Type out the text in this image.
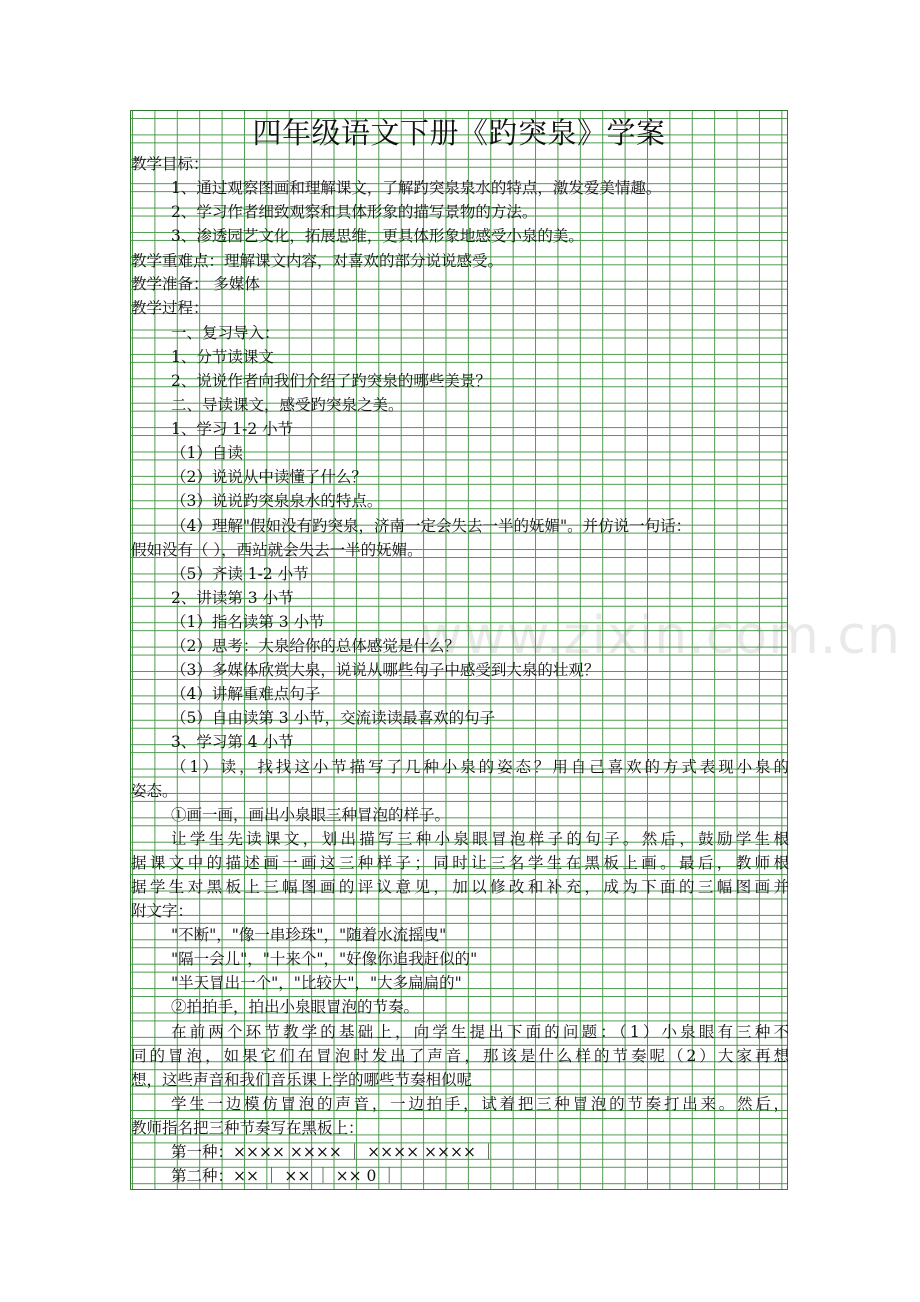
四年级语文下册《趵突泉》学案
教学目标：
1、通过观察图画和理解课文，了解趵突泉泉水的特点，激发爱美情趣。
2、学习作者细致观察和具体形象的描写景物的方法。
3、渗透园艺文化，拓展思维，更具体形象地感受小泉的美。
教学重难点：理解课文内容，对喜欢的部分说说感受。
教学准备： 多媒体
教学过程：
一、复习导入：
1、分节读课文
2、说说作者向我们介绍了趵突泉的哪些美景？
二、导读课文，感受趵突泉之美。
1、学习 1-2 小节
（1）自读
（2）说说从中读懂了什么？
（3）说说趵突泉泉水的特点。
（4）理解"假如没有趵突泉，济南一定会失去一半的妩媚"。并仿说一句话：
假如没有（ ），西站就会失去一半的妩媚。
（5）齐读 1-2 小节
2、讲读第 3 小节
（1）指名读第 3 小节
（2）思考：大泉给你的总体感觉是什么？
（3）多媒体欣赏大泉，说说从哪些句子中感受到大泉的壮观？
（4）讲解重难点句子
（5）自由读第 3 小节，交流读读最喜欢的句子
3、学习第 4 小节
（1）读，找找这小节描写了几种小泉的姿态？用自己喜欢的方式表现小泉的
姿态。
①画一画，画出小泉眼三种冒泡的样子。
让学生先读课文，划出描写三种小泉眼冒泡样子的句子。然后，鼓励学生根
据课文中的描述画一画这三种样子；同时让三名学生在黑板上画。最后，教师根
据学生对黑板上三幅图画的评议意见，加以修改和补充，成为下面的三幅图画并
附文字：
"不断"，"像一串珍珠"，"随着水流摇曳"
"隔一会儿"，"十来个"，"好像你追我赶似的"
"半天冒出一个"，"比较大"，"大多扁扁的"
②拍拍手，拍出小泉眼冒泡的节奏。
在前两个环节教学的基础上，向学生提出下面的问题：（1）小泉眼有三种不
同的冒泡，如果它们在冒泡时发出了声音，那该是什么样的节奏呢（2）大家再想
想，这些声音和我们音乐课上学的哪些节奏相似呢
学生一边模仿冒泡的声音，一边拍手，试着把三种冒泡的节奏打出来。然后，
教师指名把三种节奏写在黑板上：
第一种：×××× ×××× ｜ ×××× ×××× ｜
第二种：×× ｜ ×× ｜ ×× 0 ｜
www.zixin.com.cn
